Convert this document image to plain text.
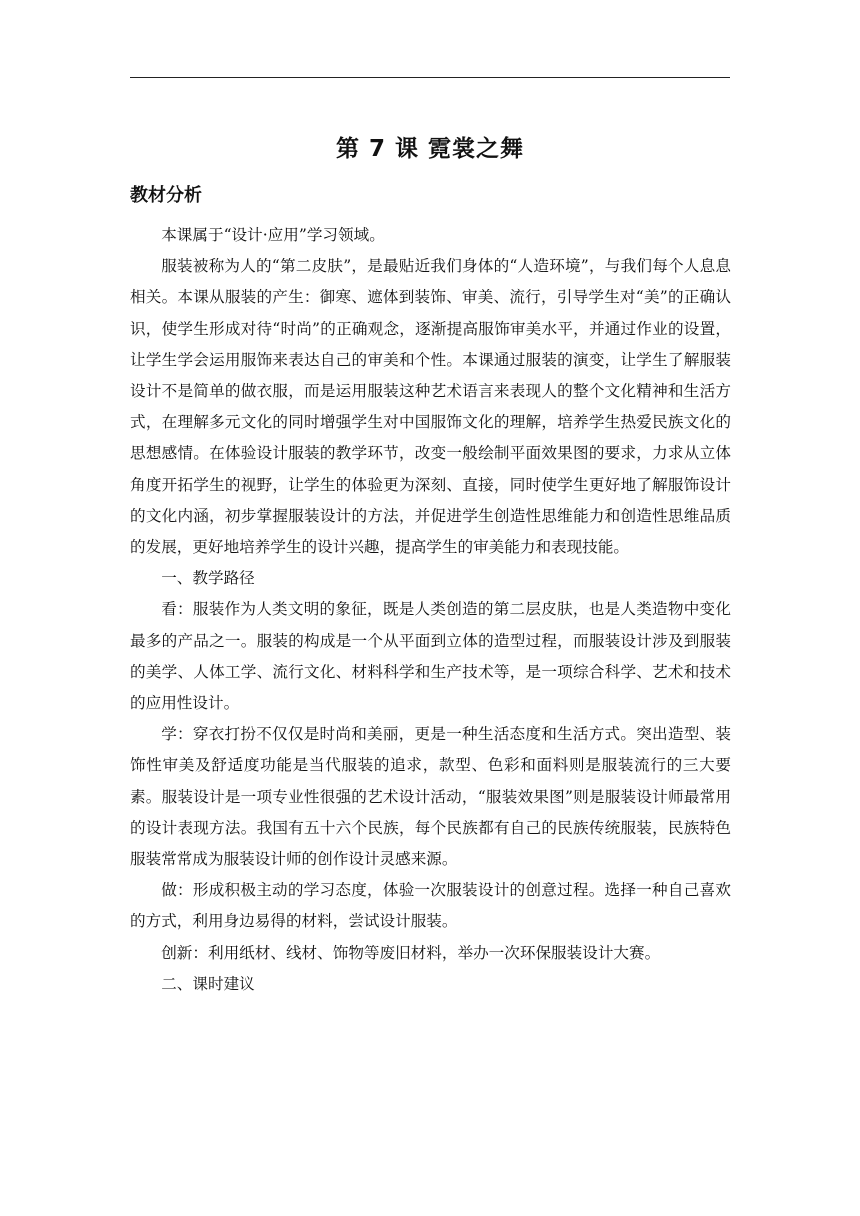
第 7 课 霓裳之舞
教材分析

本课属于“设计·应用”学习领域。

服装被称为人的“第二皮肤”，是最贴近我们身体的“人造环境”，与我们每个人息息相关。本课从服装的产生：御寒、遮体到装饰、审美、流行，引导学生对“美”的正确认识，使学生形成对待“时尚”的正确观念，逐渐提高服饰审美水平，并通过作业的设置，让学生学会运用服饰来表达自己的审美和个性。本课通过服装的演变，让学生了解服装设计不是简单的做衣服，而是运用服装这种艺术语言来表现人的整个文化精神和生活方式，在理解多元文化的同时增强学生对中国服饰文化的理解，培养学生热爱民族文化的思想感情。在体验设计服装的教学环节，改变一般绘制平面效果图的要求，力求从立体角度开拓学生的视野，让学生的体验更为深刻、直接，同时使学生更好地了解服饰设计的文化内涵，初步掌握服装设计的方法，并促进学生创造性思维能力和创造性思维品质的发展，更好地培养学生的设计兴趣，提高学生的审美能力和表现技能。

一、教学路径

看：服装作为人类文明的象征，既是人类创造的第二层皮肤，也是人类造物中变化最多的产品之一。服装的构成是一个从平面到立体的造型过程，而服装设计涉及到服装的美学、人体工学、流行文化、材料科学和生产技术等，是一项综合科学、艺术和技术的应用性设计。

学：穿衣打扮不仅仅是时尚和美丽，更是一种生活态度和生活方式。突出造型、装饰性审美及舒适度功能是当代服装的追求，款型、色彩和面料则是服装流行的三大要素。服装设计是一项专业性很强的艺术设计活动，“服装效果图”则是服装设计师最常用的设计表现方法。我国有五十六个民族，每个民族都有自己的民族传统服装，民族特色服装常常成为服装设计师的创作设计灵感来源。

做：形成积极主动的学习态度，体验一次服装设计的创意过程。选择一种自己喜欢的方式，利用身边易得的材料，尝试设计服装。

创新：利用纸材、线材、饰物等废旧材料，举办一次环保服装设计大赛。

二、课时建议
